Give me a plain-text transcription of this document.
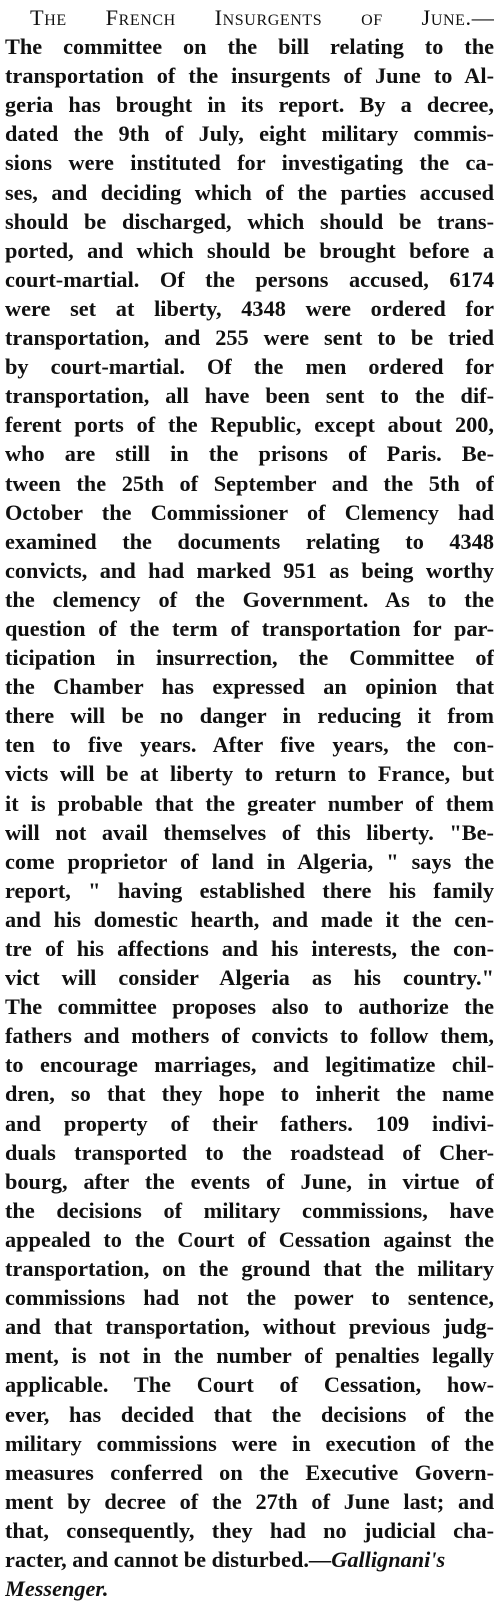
The French Insurgents of June.—
The committee on the bill relating to the
transportation of the insurgents of June to Al-
geria has brought in its report. By a decree,
dated the 9th of July, eight military commis-
sions were instituted for investigating the ca-
ses, and deciding which of the parties accused
should be discharged, which should be trans-
ported, and which should be brought before a
court-martial. Of the persons accused, 6174
were set at liberty, 4348 were ordered for
transportation, and 255 were sent to be tried
by court-martial. Of the men ordered for
transportation, all have been sent to the dif-
ferent ports of the Republic, except about 200,
who are still in the prisons of Paris. Be-
tween the 25th of September and the 5th of
October the Commissioner of Clemency had
examined the documents relating to 4348
convicts, and had marked 951 as being worthy
the clemency of the Government. As to the
question of the term of transportation for par-
ticipation in insurrection, the Committee of
the Chamber has expressed an opinion that
there will be no danger in reducing it from
ten to five years. After five years, the con-
victs will be at liberty to return to France, but
it is probable that the greater number of them
will not avail themselves of this liberty. "Be-
come proprietor of land in Algeria, " says the
report, " having established there his family
and his domestic hearth, and made it the cen-
tre of his affections and his interests, the con-
vict will consider Algeria as his country."
The committee proposes also to authorize the
fathers and mothers of convicts to follow them,
to encourage marriages, and legitimatize chil-
dren, so that they hope to inherit the name
and property of their fathers. 109 indivi-
duals transported to the roadstead of Cher-
bourg, after the events of June, in virtue of
the decisions of military commissions, have
appealed to the Court of Cessation against the
transportation, on the ground that the military
commissions had not the power to sentence,
and that transportation, without previous judg-
ment, is not in the number of penalties legally
applicable. The Court of Cessation, how-
ever, has decided that the decisions of the
military commissions were in execution of the
measures conferred on the Executive Govern-
ment by decree of the 27th of June last; and
that, consequently, they had no judicial cha-
racter, and cannot be disturbed.—Gallignani's Messenger.
